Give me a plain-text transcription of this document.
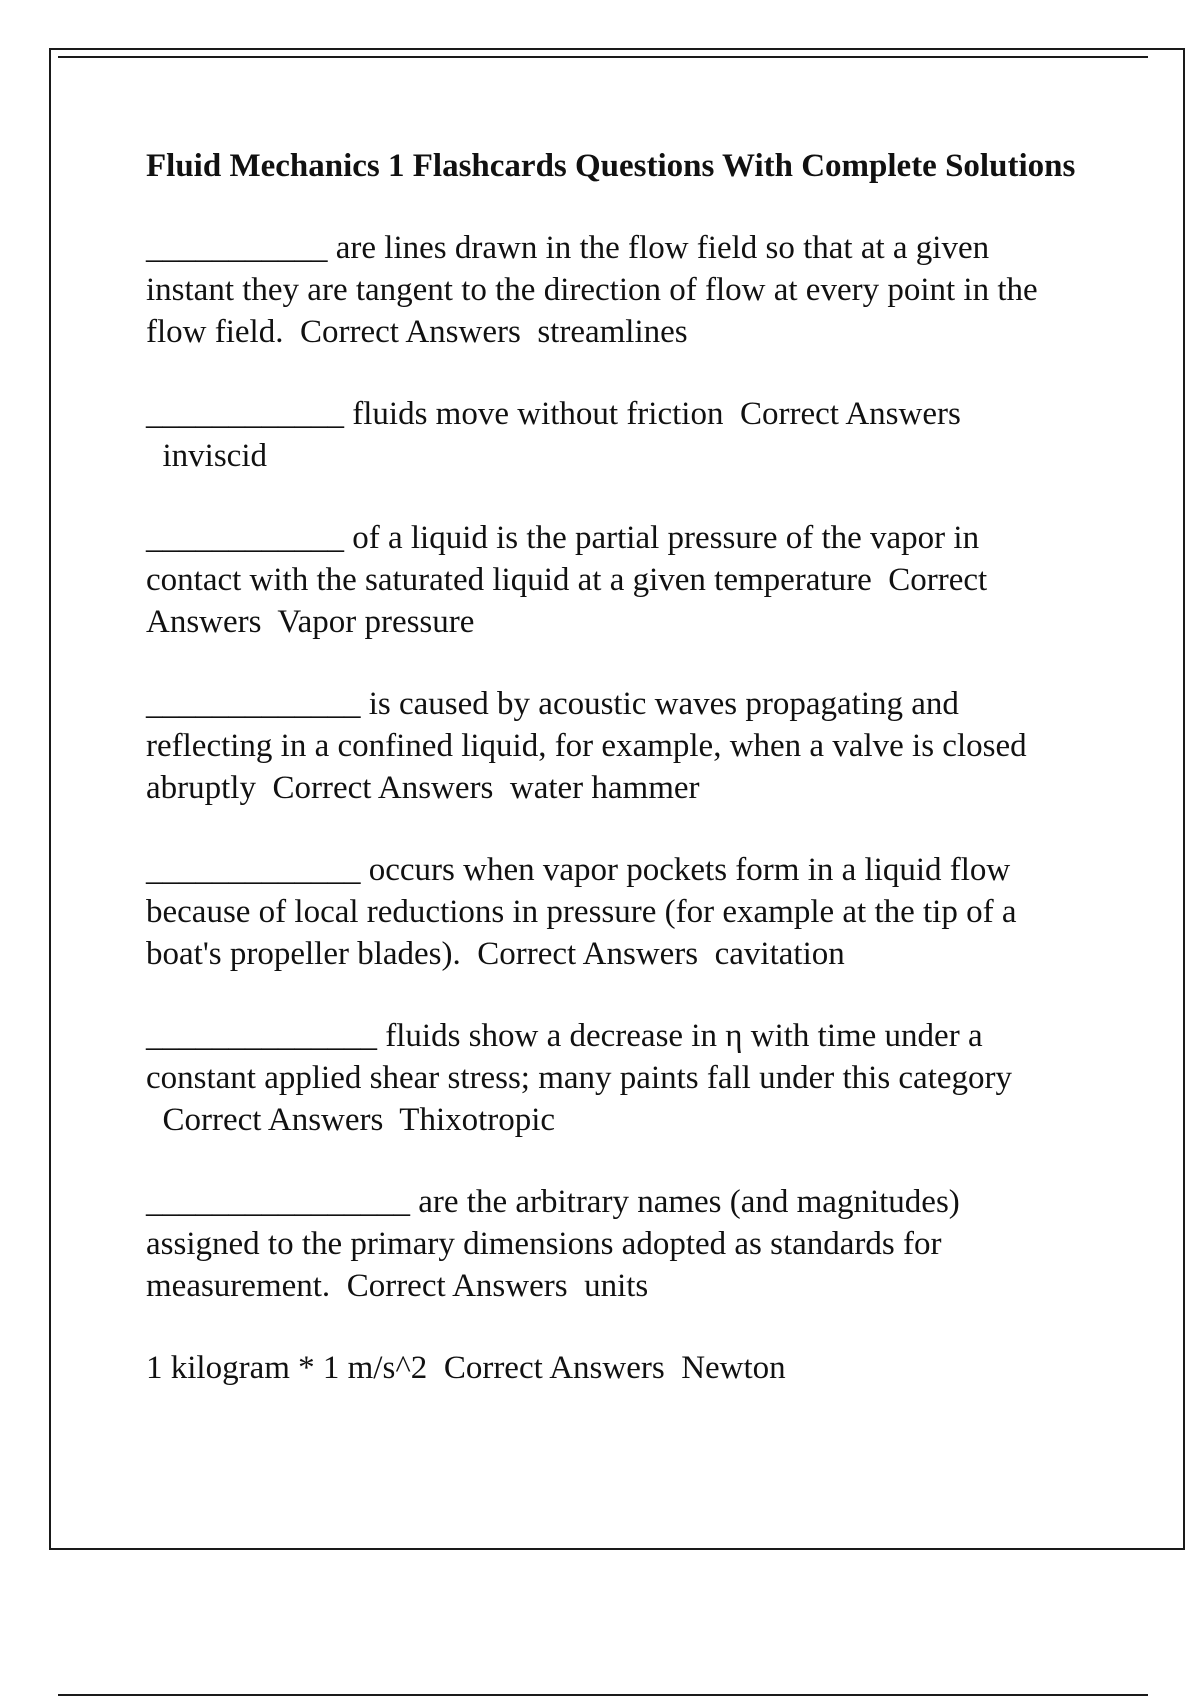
Fluid Mechanics 1 Flashcards Questions With Complete Solutions

___________ are lines drawn in the flow field so that at a given instant they are tangent to the direction of flow at every point in the flow field. Correct Answers streamlines

____________ fluids move without friction Correct Answers  inviscid

____________ of a liquid is the partial pressure of the vapor in contact with the saturated liquid at a given temperature Correct Answers Vapor pressure

_____________ is caused by acoustic waves propagating and reflecting in a confined liquid, for example, when a valve is closed abruptly Correct Answers water hammer

_____________ occurs when vapor pockets form in a liquid flow because of local reductions in pressure (for example at the tip of a boat's propeller blades). Correct Answers cavitation

______________ fluids show a decrease in η with time under a constant applied shear stress; many paints fall under this category  Correct Answers Thixotropic

________________ are the arbitrary names (and magnitudes) assigned to the primary dimensions adopted as standards for measurement. Correct Answers units

1 kilogram * 1 m/s^2 Correct Answers Newton
